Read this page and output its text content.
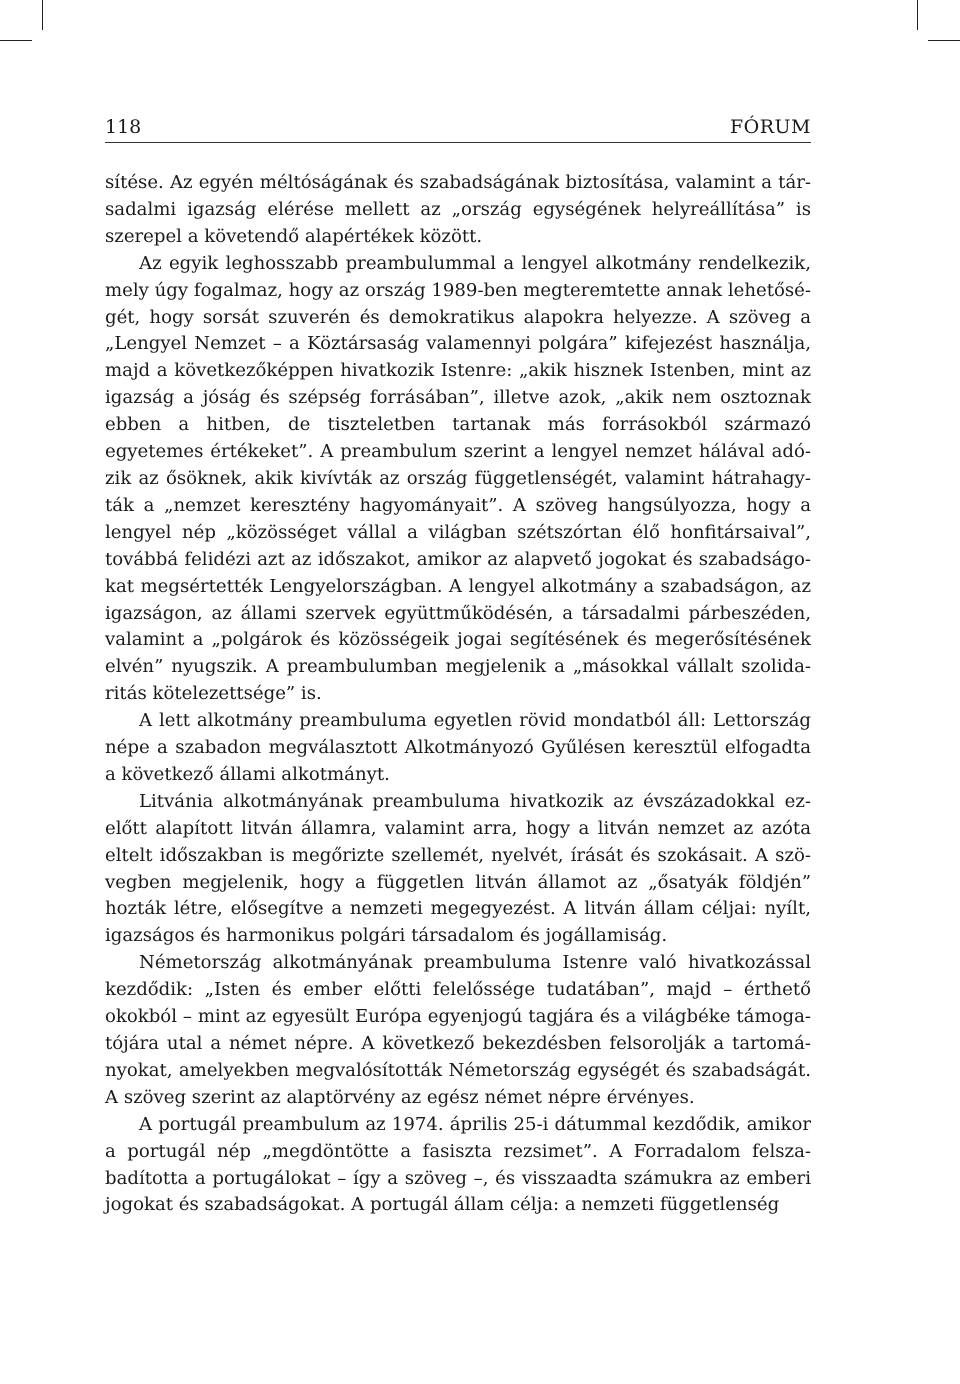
118	FÓRUM

sítése. Az egyén méltóságának és szabadságának biztosítása, valamint a társadalmi igazság elérése mellett az „ország egységének helyreállítása” is szerepel a követendő alapértékek között.

Az egyik leghosszabb preambulummal a lengyel alkotmány rendelkezik, mely úgy fogalmaz, hogy az ország 1989-ben megteremtette annak lehetőségét, hogy sorsát szuverén és demokratikus alapokra helyezze. A szöveg a „Lengyel Nemzet – a Köztársaság valamennyi polgára” kifejezést használja, majd a következőképpen hivatkozik Istenre: „akik hisznek Istenben, mint az igazság a jóság és szépség forrásában”, illetve azok, „akik nem osztoznak ebben a hitben, de tiszteletben tartanak más forrásokból származó egyetemes értékeket”. A preambulum szerint a lengyel nemzet hálával adózik az ősöknek, akik kivívták az ország függetlenségét, valamint hátrahagyták a „nemzet keresztény hagyományait”. A szöveg hangsúlyozza, hogy a lengyel nép „közösséget vállal a világban szétszórtan élő honfitársaival”, továbbá felidézi azt az időszakot, amikor az alapvető jogokat és szabadságokat megsértették Lengyelországban. A lengyel alkotmány a szabadságon, az igazságon, az állami szervek együttműködésén, a társadalmi párbeszéden, valamint a „polgárok és közösségeik jogai segítésének és megerősítésének elvén” nyugszik. A preambulumban megjelenik a „másokkal vállalt szolidaritás kötelezettsége” is.

A lett alkotmány preambuluma egyetlen rövid mondatból áll: Lettország népe a szabadon megválasztott Alkotmányozó Gyűlésen keresztül elfogadta a következő állami alkotmányt.

Litvánia alkotmányának preambuluma hivatkozik az évszázadokkal ezelőtt alapított litván államra, valamint arra, hogy a litván nemzet az azóta eltelt időszakban is megőrizte szellemét, nyelvét, írását és szokásait. A szövegben megjelenik, hogy a független litván államot az „ősatyák földjén” hozták létre, elősegítve a nemzeti megegyezést. A litván állam céljai: nyílt, igazságos és harmonikus polgári társadalom és jogállamiság.

Németország alkotmányának preambuluma Istenre való hivatkozással kezdődik: „Isten és ember előtti felelőssége tudatában”, majd – érthető okokból – mint az egyesült Európa egyenjogú tagjára és a világbéke támogatójára utal a német népre. A következő bekezdésben felsorolják a tartományokat, amelyekben megvalósították Németország egységét és szabadságát. A szöveg szerint az alaptörvény az egész német népre érvényes.

A portugál preambulum az 1974. április 25-i dátummal kezdődik, amikor a portugál nép „megdöntötte a fasiszta rezsimet”. A Forradalom felszabadította a portugálokat – így a szöveg –, és visszaadta számukra az emberi jogokat és szabadságokat. A portugál állam célja: a nemzeti függetlenség
